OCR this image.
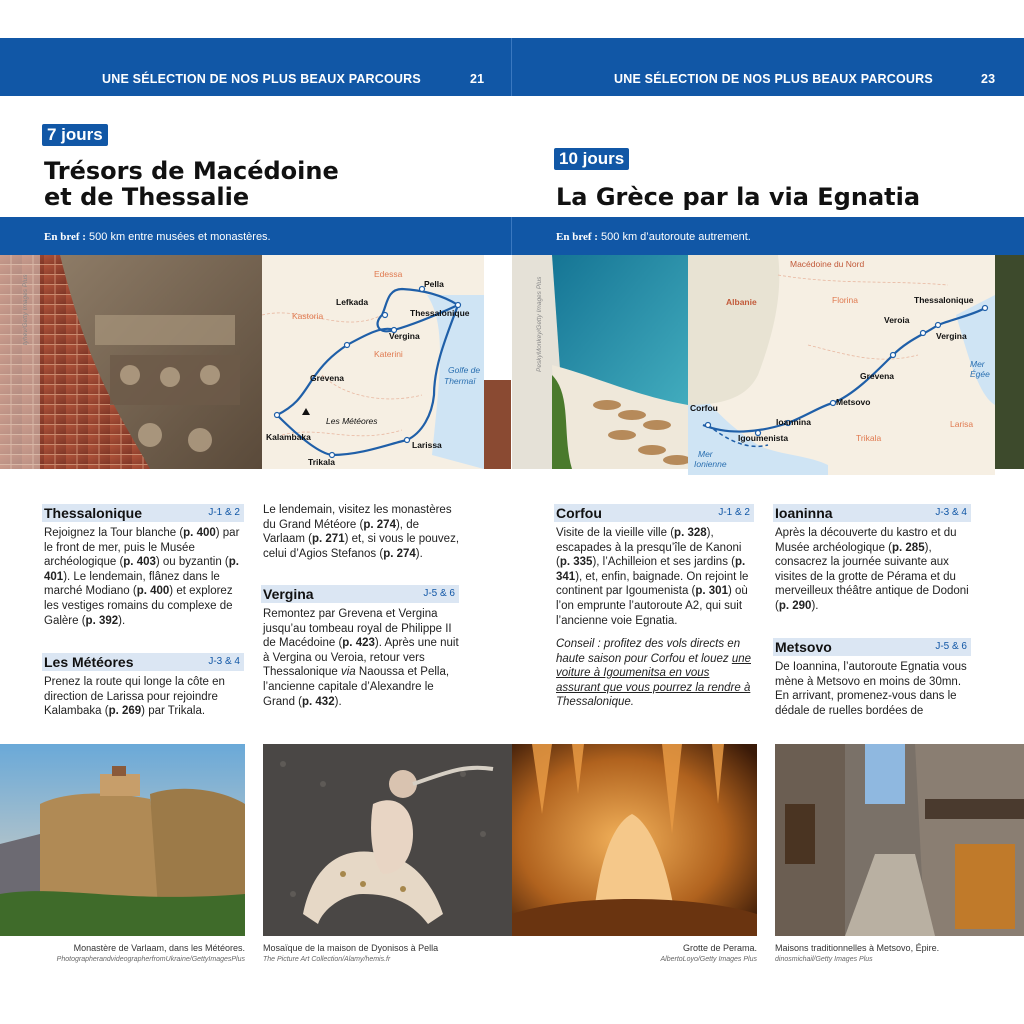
UNE SÉLECTION DE NOS PLUS BEAUX PARCOURS	21	UNE SÉLECTION DE NOS PLUS BEAUX PARCOURS	23
7 jours
Trésors de Macédoine
et de Thessalie
10 jours
La Grèce par la via Egnatia
En bref : 500 km entre musées et monastères.	En bref : 500 km d’autoroute autrement.
tyhev/Getty Images Plus
Edessa
Pella
Lefkada
Thessalonique
Kastoria
Vergina
Katerini
Golfe de
Thermaï
Grevena
Les Météores
Kalambaka
Larissa
Trikala
PeskyMonkey/Getty Images Plus
Macédoine du Nord
Albanie	Florina	Thessalonique
Veroia
Vergina
Mer
Égée
Grevena
Metsovo
Corfou
Ioannina
Igoumenista	Trikala
Larisa
Mer
Ionienne
Thessalonique	J-1 & 2
Rejoignez la Tour blanche (p. 400) par le front de mer, puis le Musée archéologique (p. 403) ou byzantin (p. 401). Le lendemain, flânez dans le marché Modiano (p. 400) et explorez les vestiges romains du complexe de Galère (p. 392).
Les Météores	J-3 & 4
Prenez la route qui longe la côte en direction de Larissa pour rejoindre Kalambaka (p. 269) par Trikala.
Le lendemain, visitez les monastères du Grand Météore (p. 274), de Varlaam (p. 271) et, si vous le pouvez, celui d’Agios Stefanos (p. 274).
Vergina	J-5 & 6
Remontez par Grevena et Vergina jusqu’au tombeau royal de Philippe II de Macédoine (p. 423). Après une nuit à Vergina ou Veroia, retour vers Thessalonique via Naoussa et Pella, l’ancienne capitale d’Alexandre le Grand (p. 432).
Corfou	J-1 & 2
Visite de la vieille ville (p. 328), escapades à la presqu’île de Kanoni (p. 335), l’Achilleion et ses jardins (p. 341), et, enfin, baignade. On rejoint le continent par Igoumenista (p. 301) où l’on emprunte l’autoroute A2, qui suit l’ancienne voie Egnatia.
Conseil : profitez des vols directs en haute saison pour Corfou et louez une voiture à Igoumenitsa en vous assurant que vous pourrez la rendre à Thessalonique.
Ioaninna	J-3 & 4
Après la découverte du kastro et du Musée archéologique (p. 285), consacrez la journée suivante aux visites de la grotte de Pérama et du merveilleux théâtre antique de Dodoni (p. 290).
Metsovo	J-5 & 6
De Ioannina, l’autoroute Egnatia vous mène à Metsovo en moins de 30mn. En arrivant, promenez-vous dans le dédale de ruelles bordées de
Monastère de Varlaam, dans les Météores.
PhotographerandvideographerfromUkraine/GettyImagesPlus
Mosaïque de la maison de Dyonisos à Pella
The Picture Art Collection/Alamy/hemis.fr
Grotte de Perama.
AlbertoLoyo/Getty Images Plus
Maisons traditionnelles à Metsovo, Épire.
dinosmichail/Getty Images Plus
